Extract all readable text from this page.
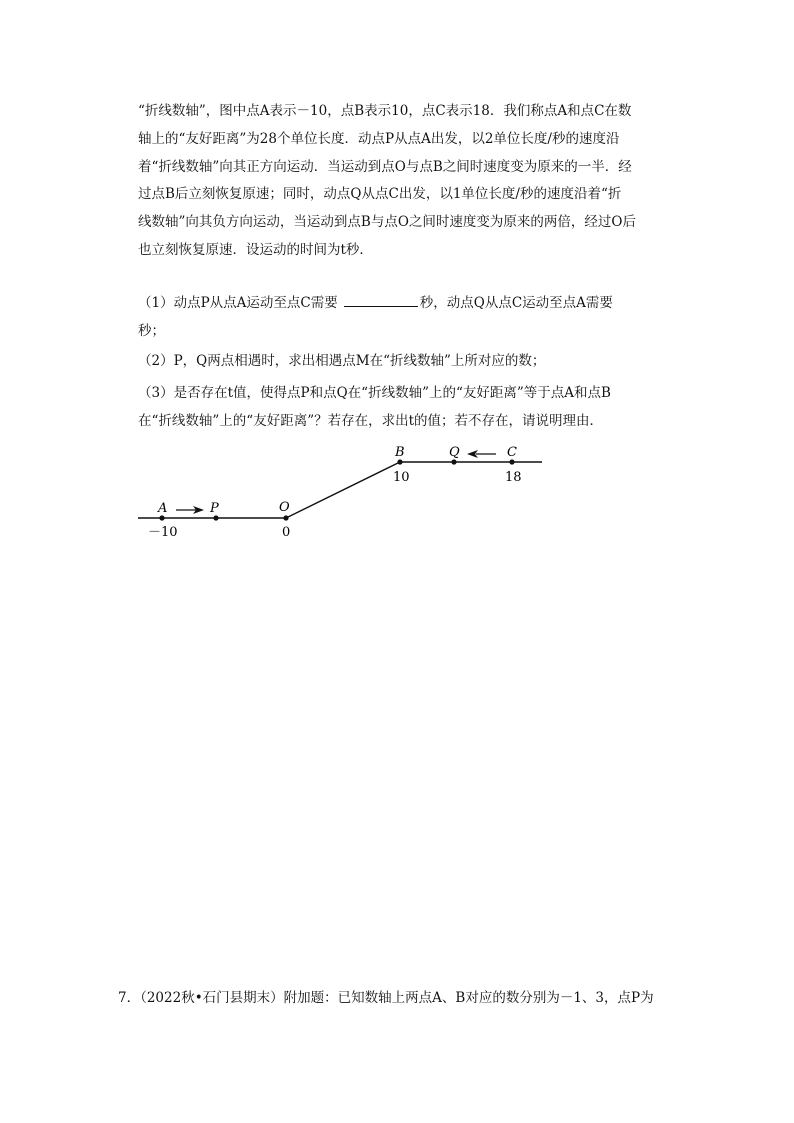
“折线数轴”，图中点A表示－10，点B表示10，点C表示18．我们称点A和点C在数

轴上的“友好距离”为28个单位长度．动点P从点A出发，以2单位长度/秒的速度沿

着“折线数轴”向其正方向运动．当运动到点O与点B之间时速度变为原来的一半．经

过点B后立刻恢复原速；同时，动点Q从点C出发，以1单位长度/秒的速度沿着“折

线数轴”向其负方向运动，当运动到点B与点O之间时速度变为原来的两倍，经过O后

也立刻恢复原速．设运动的时间为t秒．

（1）动点P从点A运动至点C需要	秒，动点Q从点C运动至点A需要
秒；
（2）P，Q两点相遇时，求出相遇点M在“折线数轴”上所对应的数；
（3）是否存在t值，使得点P和点Q在“折线数轴”上的“友好距离”等于点A和点B
在“折线数轴”上的“友好距离”？若存在，求出t的值；若不存在，请说明理由．
A	P	O
B	Q	C
－10	0
10	18

7．（2022秋•石门县期末）附加题：已知数轴上两点A、B对应的数分别为－1、3，点P为
